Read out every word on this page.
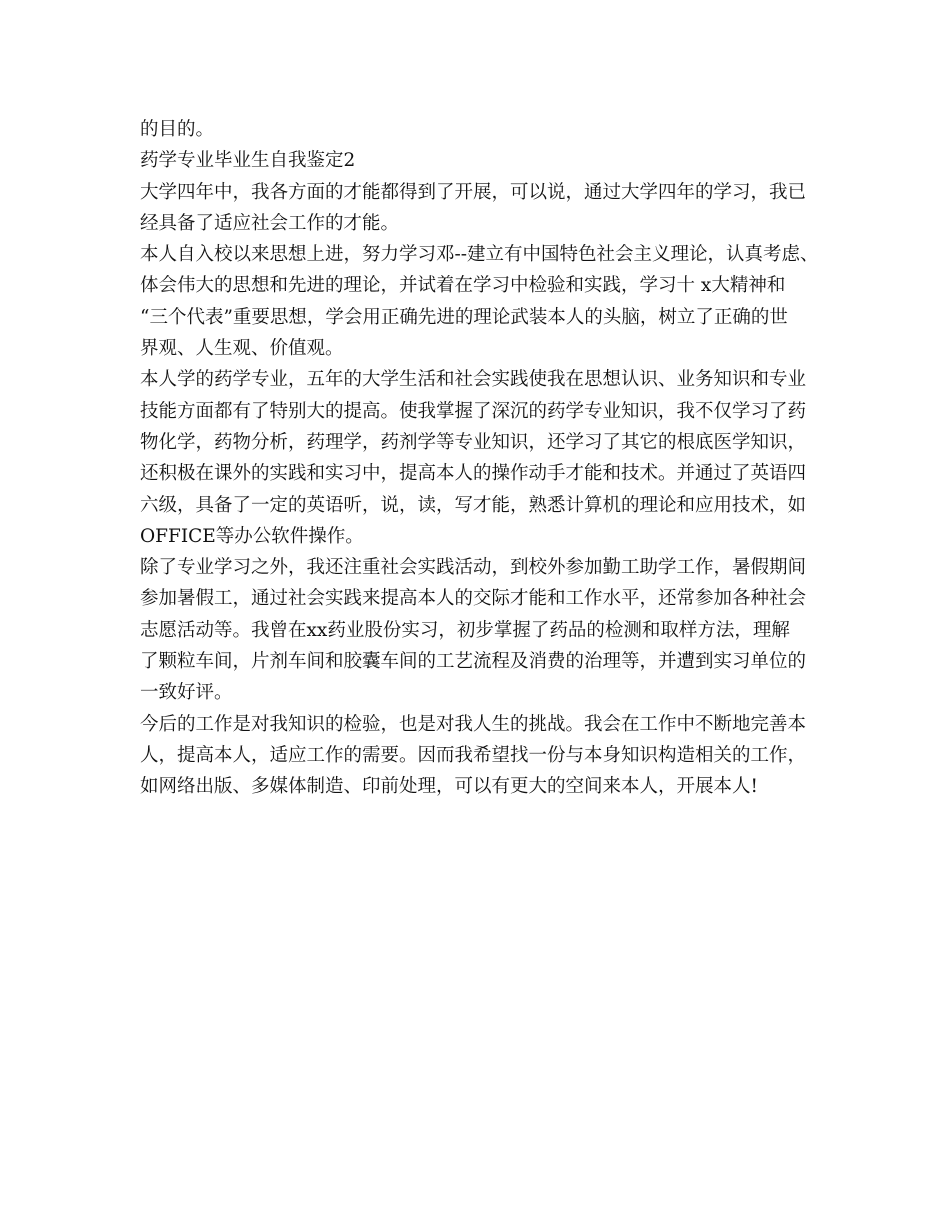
的目的。
药学专业毕业生自我鉴定2
大学四年中，我各方面的才能都得到了开展，可以说，通过大学四年的学习，我已
经具备了适应社会工作的才能。
本人自入校以来思想上进，努力学习邓--建立有中国特色社会主义理论，认真考虑、
体会伟大的思想和先进的理论，并试着在学习中检验和实践，学习十 x大精神和
“三个代表”重要思想，学会用正确先进的理论武装本人的头脑，树立了正确的世
界观、人生观、价值观。
本人学的药学专业，五年的大学生活和社会实践使我在思想认识、业务知识和专业
技能方面都有了特别大的提高。使我掌握了深沉的药学专业知识，我不仅学习了药
物化学，药物分析，药理学，药剂学等专业知识，还学习了其它的根底医学知识，
还积极在课外的实践和实习中，提高本人的操作动手才能和技术。并通过了英语四
六级，具备了一定的英语听，说，读，写才能，熟悉计算机的理论和应用技术，如
OFFICE等办公软件操作。
除了专业学习之外，我还注重社会实践活动，到校外参加勤工助学工作，暑假期间
参加暑假工，通过社会实践来提高本人的交际才能和工作水平，还常参加各种社会
志愿活动等。我曾在xx药业股份实习，初步掌握了药品的检测和取样方法，理解
了颗粒车间，片剂车间和胶囊车间的工艺流程及消费的治理等，并遭到实习单位的
一致好评。
今后的工作是对我知识的检验，也是对我人生的挑战。我会在工作中不断地完善本
人，提高本人，适应工作的需要。因而我希望找一份与本身知识构造相关的工作，
如网络出版、多媒体制造、印前处理，可以有更大的空间来本人，开展本人!
